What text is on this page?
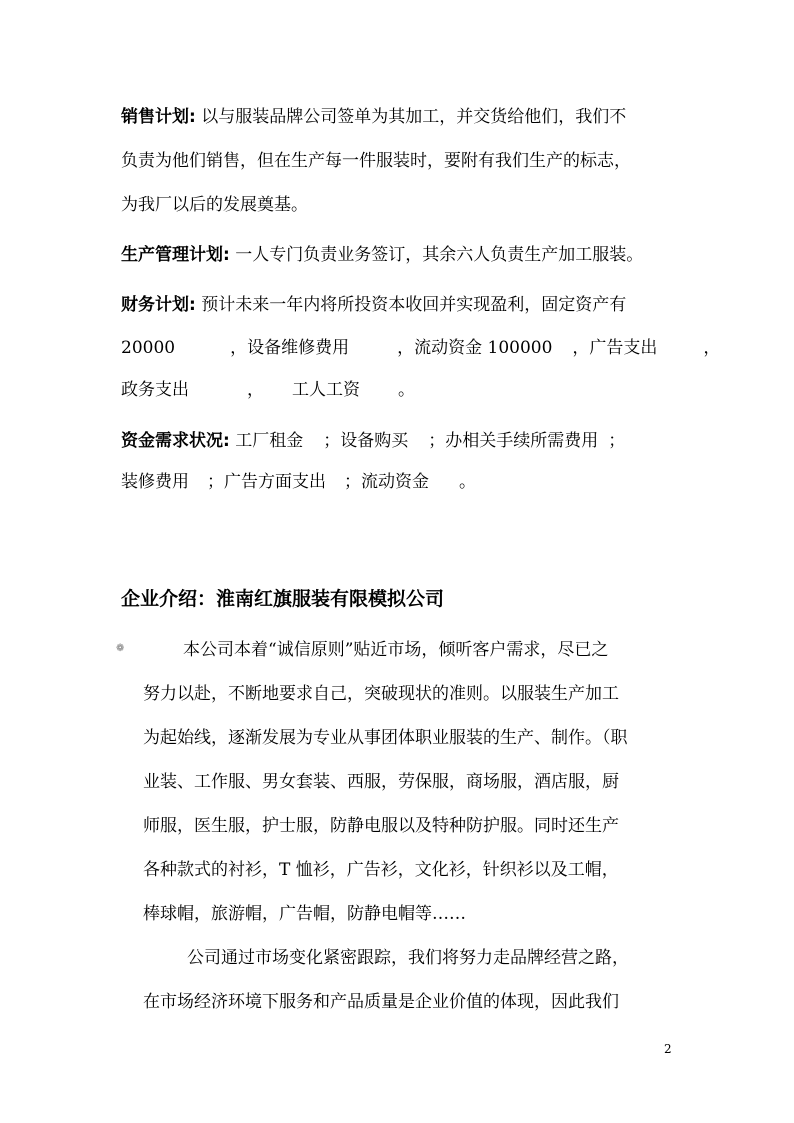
销售计划: 以与服装品牌公司签单为其加工，并交货给他们，我们不
负责为他们销售，但在生产每一件服装时，要附有我们生产的标志，
为我厂以后的发展奠基。
生产管理计划: 一人专门负责业务签订，其余六人负责生产加工服装。
财务计划: 预计未来一年内将所投资本收回并实现盈利，固定资产有
20000	，设备维修费用	，流动资金 100000 ，广告支出	，
政务支出	， 工人工资 。
资金需求状况: 工厂租金 ；设备购买 ；办相关手续所需费用 ；
装修费用 ；广告方面支出 ；流动资金 。
企业介绍：淮南红旗服装有限模拟公司
❁	本公司本着“诚信原则”贴近市场，倾听客户需求，尽已之
努力以赴，不断地要求自己，突破现状的准则。以服装生产加工
为起始线，逐渐发展为专业从事团体职业服装的生产、制作。（职
业装、工作服、男女套装、西服，劳保服，商场服，酒店服，厨
师服，医生服，护士服，防静电服以及特种防护服。同时还生产
各种款式的衬衫，T 恤衫，广告衫，文化衫，针织衫以及工帽，
棒球帽，旅游帽，广告帽，防静电帽等……
公司通过市场变化紧密跟踪，我们将努力走品牌经营之路，
在市场经济环境下服务和产品质量是企业价值的体现，因此我们
2
